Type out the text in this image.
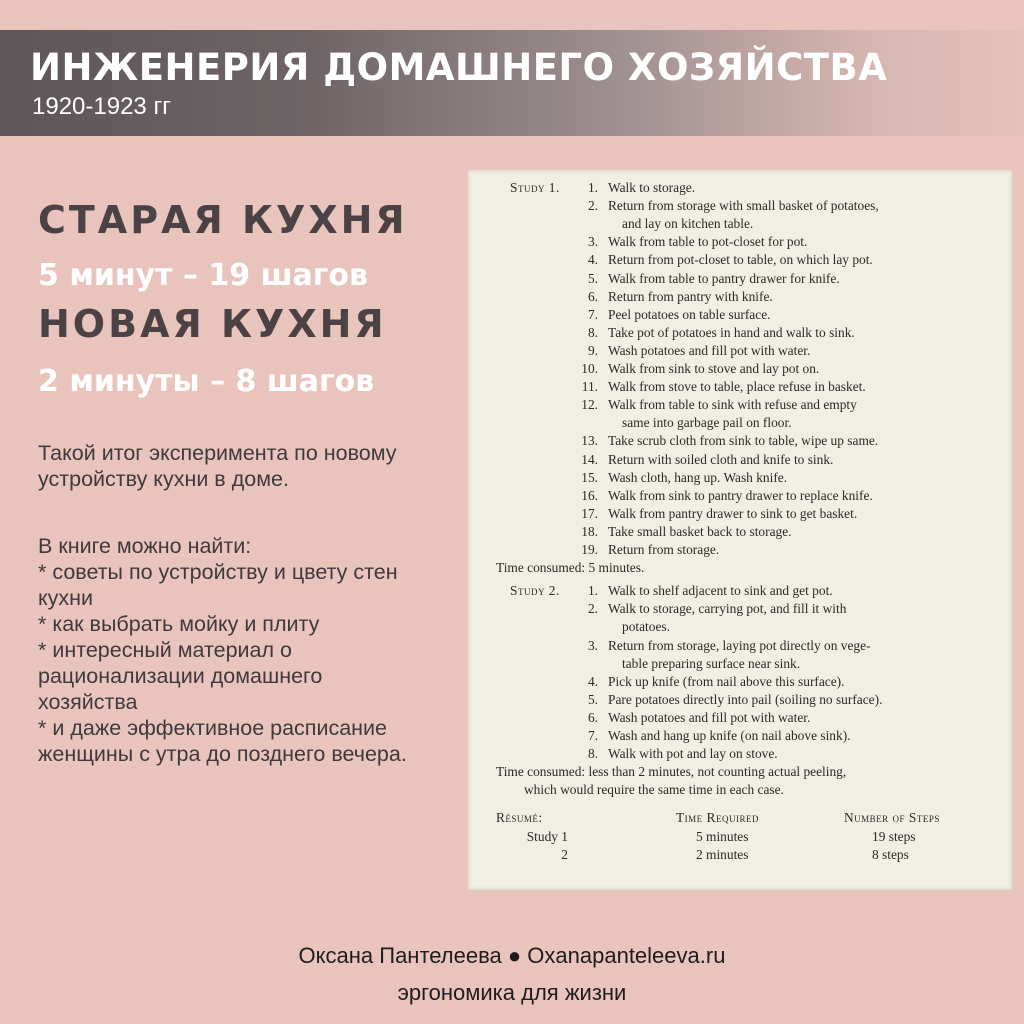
ИНЖЕНЕРИЯ ДОМАШНЕГО ХОЗЯЙСТВА
1920-1923 гг
СТАРАЯ КУХНЯ
5 минут – 19 шагов
НОВАЯ КУХНЯ
2 минуты – 8 шагов

Такой итог эксперимента по новому устройству кухни в доме.

В книге можно найти:

* советы по устройству и цвету стен кухни

* как выбрать мойку и плиту

* интересный материал о рационализации домашнего хозяйства

* и даже эффективное расписание женщины с утра до позднего вечера.

Study 1.	1. Walk to storage.
2. Return from storage with small basket of potatoes,
and lay on kitchen table.
3. Walk from table to pot-closet for pot.
4. Return from pot-closet to table, on which lay pot.
5. Walk from table to pantry drawer for knife.
6. Return from pantry with knife.
7. Peel potatoes on table surface.
8. Take pot of potatoes in hand and walk to sink.
9. Wash potatoes and fill pot with water.
10. Walk from sink to stove and lay pot on.
11. Walk from stove to table, place refuse in basket.
12. Walk from table to sink with refuse and empty
same into garbage pail on floor.
13. Take scrub cloth from sink to table, wipe up same.
14. Return with soiled cloth and knife to sink.
15. Wash cloth, hang up. Wash knife.
16. Walk from sink to pantry drawer to replace knife.
17. Walk from pantry drawer to sink to get basket.
18. Take small basket back to storage.
19. Return from storage.
Time consumed: 5 minutes.
Study 2.	1. Walk to shelf adjacent to sink and get pot.
2. Walk to storage, carrying pot, and fill it with
potatoes.
3. Return from storage, laying pot directly on vege-
table preparing surface near sink.
4. Pick up knife (from nail above this surface).
5. Pare potatoes directly into pail (soiling no surface).
6. Wash potatoes and fill pot with water.
7. Wash and hang up knife (on nail above sink).
8. Walk with pot and lay on stove.
Time consumed: less than 2 minutes, not counting actual peeling,
which would require the same time in each case.
Résumé:	Time Required	Number of Steps
Study 1	5 minutes	19 steps
2	2 minutes	8 steps
Оксана Пантелеева ● Oxanapanteleeva.ru
эргономика для жизни
